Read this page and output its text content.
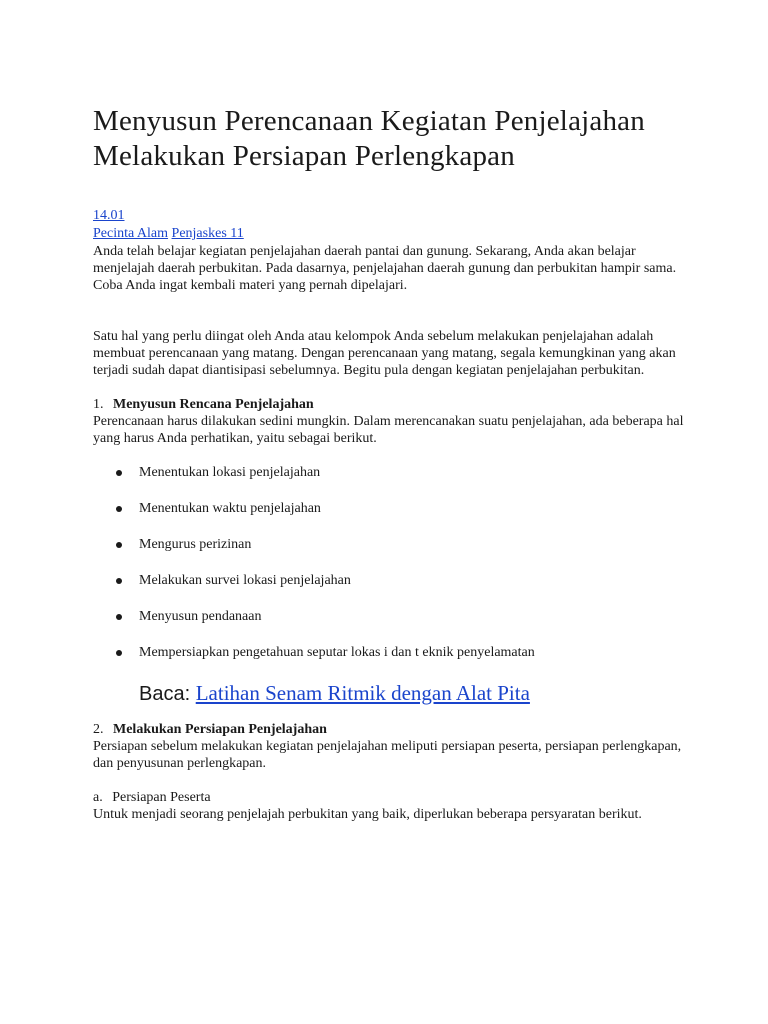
Menyusun Perencanaan Kegiatan Penjelajahan Melakukan Persiapan Perlengkapan
14.01
Pecinta Alam Penjaskes 11

Anda telah belajar kegiatan penjelajahan daerah pantai dan gunung. Sekarang, Anda akan belajar menjelajah daerah perbukitan. Pada dasarnya, penjelajahan daerah gunung dan perbukitan hampir sama. Coba Anda ingat kembali materi yang pernah dipelajari.

Satu hal yang perlu diingat oleh Anda atau kelompok Anda sebelum melakukan penjelajahan adalah membuat perencanaan yang matang. Dengan perencanaan yang matang, segala kemungkinan yang akan terjadi sudah dapat diantisipasi sebelumnya. Begitu pula dengan kegiatan penjelajahan perbukitan.

1. Menyusun Rencana Penjelajahan

Perencanaan harus dilakukan sedini mungkin. Dalam merencanakan suatu penjelajahan, ada beberapa hal yang harus Anda perhatikan, yaitu sebagai berikut.

Menentukan lokasi penjelajahan
Menentukan waktu penjelajahan
Mengurus perizinan
Melakukan survei lokasi penjelajahan
Menyusun pendanaan
Mempersiapkan pengetahuan seputar lokas i dan t eknik penyelamatan
Baca: Latihan Senam Ritmik dengan Alat Pita
2. Melakukan Persiapan Penjelajahan

Persiapan sebelum melakukan kegiatan penjelajahan meliputi persiapan peserta, persiapan perlengkapan, dan penyusunan perlengkapan.

a. Persiapan Peserta

Untuk menjadi seorang penjelajah perbukitan yang baik, diperlukan beberapa persyaratan berikut.
